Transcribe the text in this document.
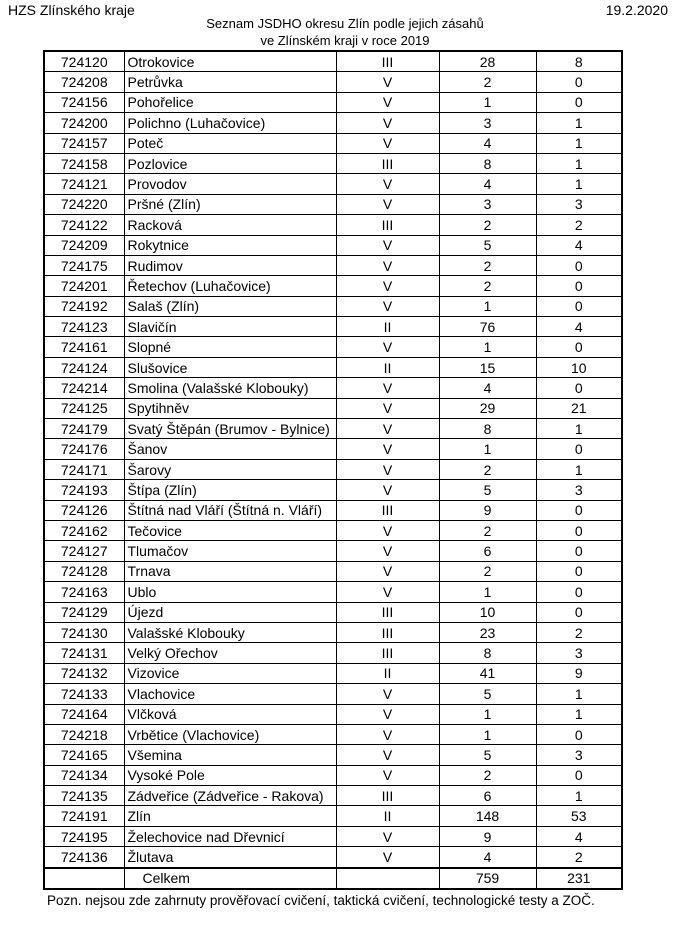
HZS Zlínského kraje	19.2.2020
Seznam JSDHO okresu Zlín podle jejich zásahů
ve Zlínském kraji v roce 2019
724120	Otrokovice	III	28	8
724208	Petrůvka	V	2	0
724156	Pohořelice	V	1	0
724200	Polichno (Luhačovice)	V	3	1
724157	Poteč	V	4	1
724158	Pozlovice	III	8	1
724121	Provodov	V	4	1
724220	Pršné (Zlín)	V	3	3
724122	Racková	III	2	2
724209	Rokytnice	V	5	4
724175	Rudimov	V	2	0
724201	Řetechov (Luhačovice)	V	2	0
724192	Salaš (Zlín)	V	1	0
724123	Slavičín	II	76	4
724161	Slopné	V	1	0
724124	Slušovice	II	15	10
724214	Smolina (Valašské Klobouky)	V	4	0
724125	Spytihněv	V	29	21
724179	Svatý Štěpán (Brumov - Bylnice)	V	8	1
724176	Šanov	V	1	0
724171	Šarovy	V	2	1
724193	Štípa (Zlín)	V	5	3
724126	Štítná nad Vláří (Štítná n. Vláří)	III	9	0
724162	Tečovice	V	2	0
724127	Tlumačov	V	6	0
724128	Trnava	V	2	0
724163	Ublo	V	1	0
724129	Újezd	III	10	0
724130	Valašské Klobouky	III	23	2
724131	Velký Ořechov	III	8	3
724132	Vizovice	II	41	9
724133	Vlachovice	V	5	1
724164	Vlčková	V	1	1
724218	Vrbětice (Vlachovice)	V	1	0
724165	Všemina	V	5	3
724134	Vysoké Pole	V	2	0
724135	Zádveřice (Zádveřice - Rakova)	III	6	1
724191	Zlín	II	148	53
724195	Želechovice nad Dřevnicí	V	9	4
724136	Žlutava	V	4	2
	Celkem		759	231
Pozn. nejsou zde zahrnuty prověřovací cvičení, taktická cvičení, technologické testy a ZOČ.
